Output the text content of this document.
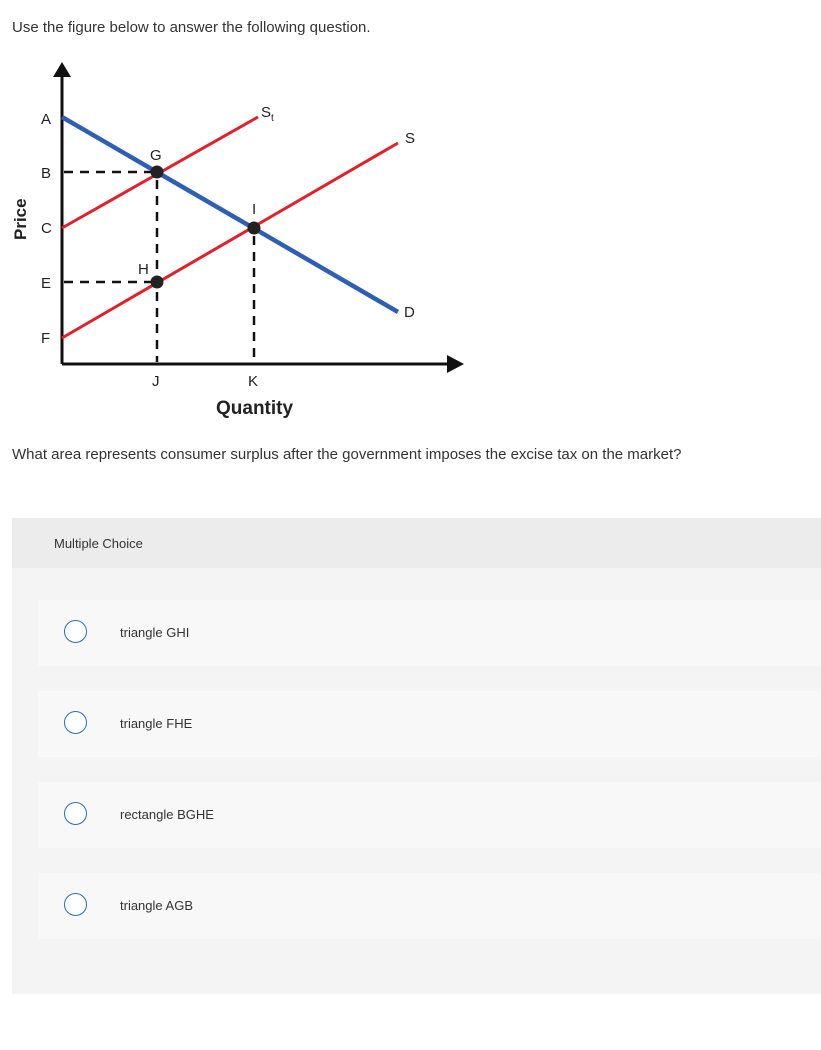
Use the figure below to answer the following question.
A
B
C
E
F
J	K
G
H
I
$S_t$
S
D
Price
Quantity
What area represents consumer surplus after the government imposes the excise tax on the market?
Multiple Choice
triangle GHI
triangle FHE
rectangle BGHE
triangle AGB
